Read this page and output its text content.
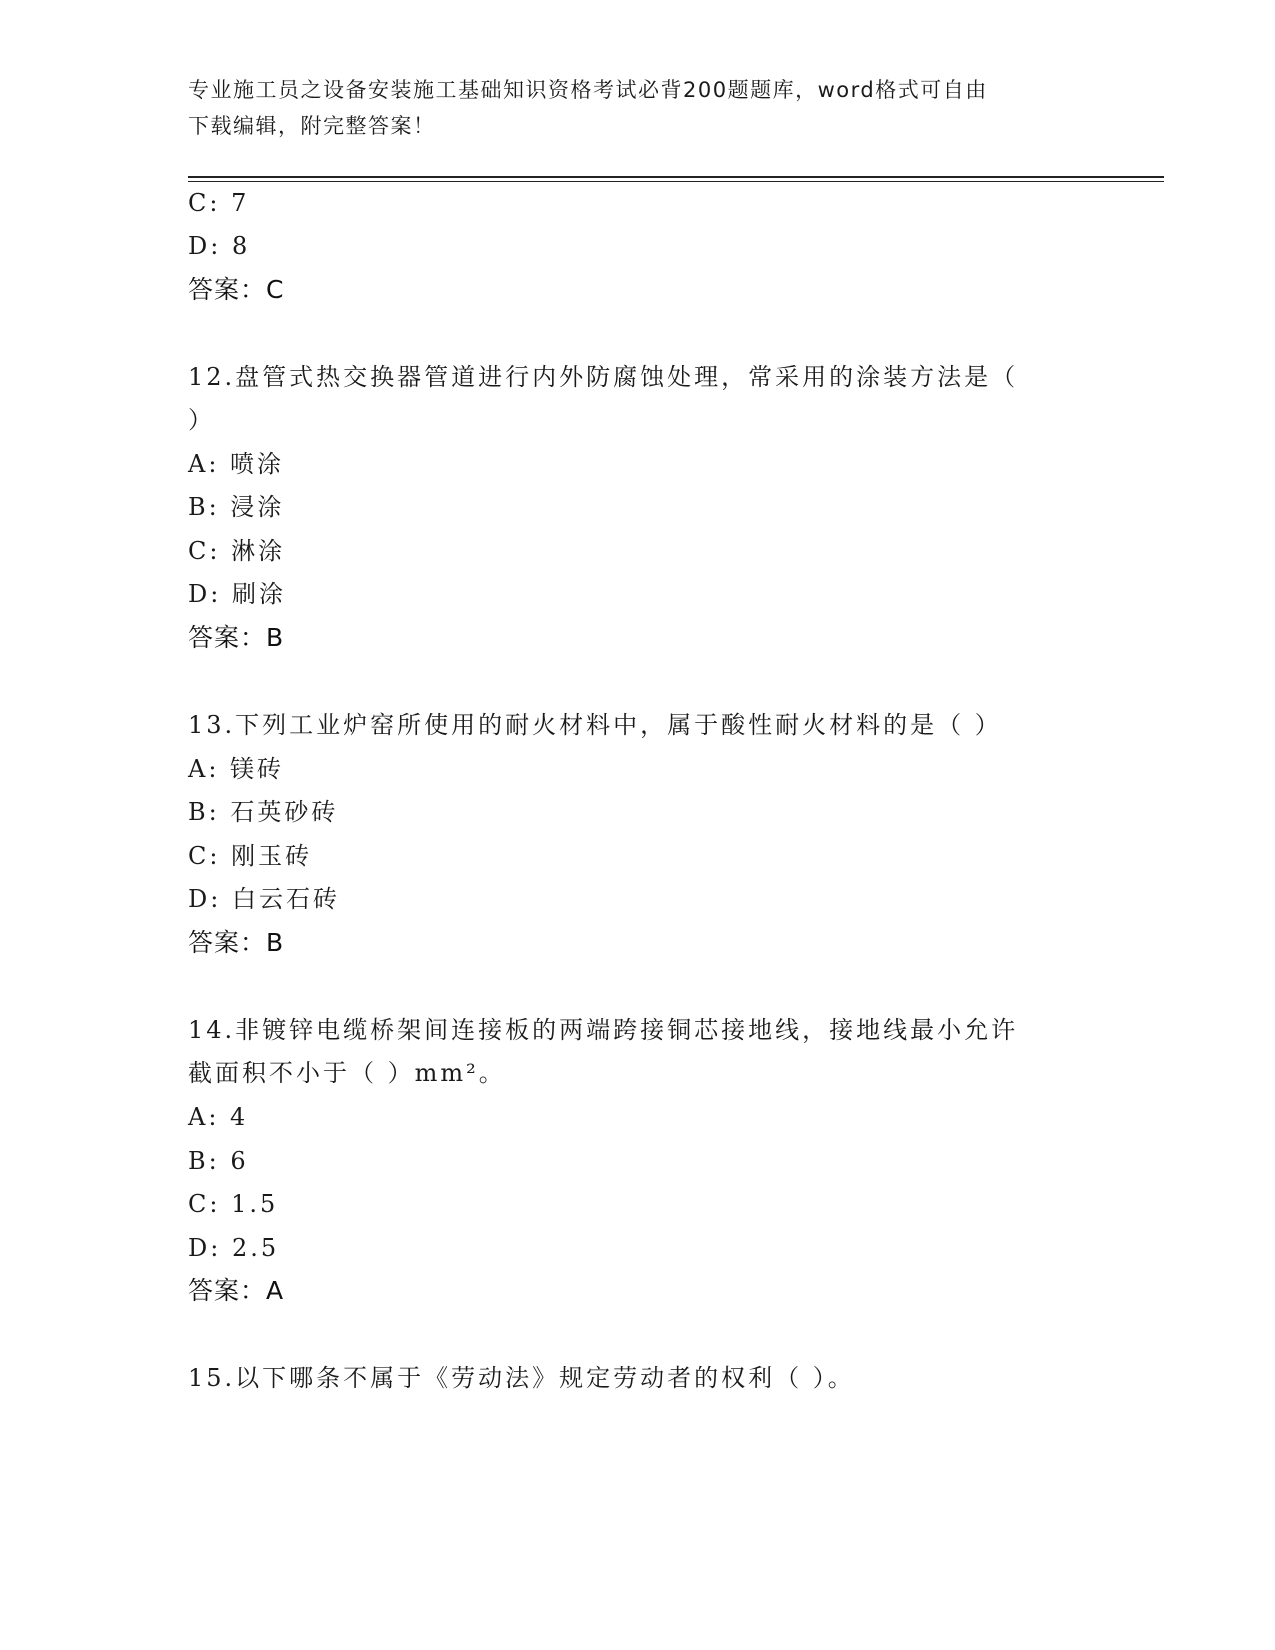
专业施工员之设备安装施工基础知识资格考试必背200题题库，word格式可自由
下载编辑，附完整答案！
C: 7
D: 8
答案：C
12.盘管式热交换器管道进行内外防腐蚀处理，常采用的涂装方法是（
）
A: 喷涂
B: 浸涂
C: 淋涂
D: 刷涂
答案：B
13.下列工业炉窑所使用的耐火材料中，属于酸性耐火材料的是（ ）
A: 镁砖
B: 石英砂砖
C: 刚玉砖
D: 白云石砖
答案：B
14.非镀锌电缆桥架间连接板的两端跨接铜芯接地线，接地线最小允许
截面积不小于（ ）mm²。
A: 4
B: 6
C: 1.5
D: 2.5
答案：A
15.以下哪条不属于《劳动法》规定劳动者的权利（ ）。
